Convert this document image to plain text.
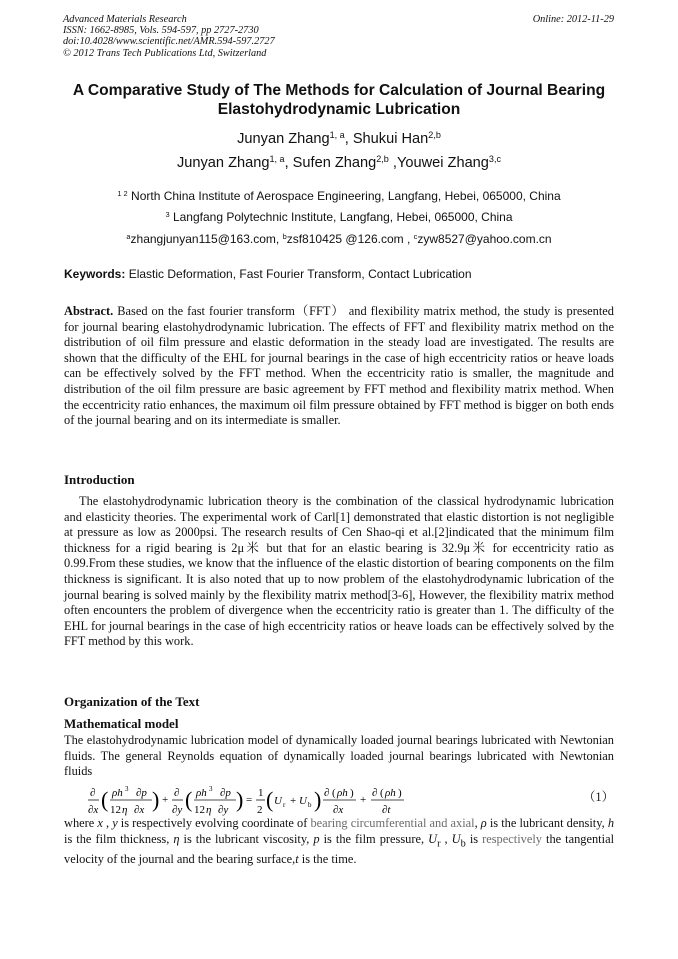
Advanced Materials Research
ISSN: 1662-8985, Vols. 594-597, pp 2727-2730
doi:10.4028/www.scientific.net/AMR.594-597.2727
© 2012 Trans Tech Publications Ltd, Switzerland
Online: 2012-11-29
A Comparative Study of The Methods for Calculation of Journal Bearing
Elastohydrodynamic Lubrication
Junyan Zhang$^{1, a}$, Shukui Han$^{2,b}$
Junyan Zhang$^{1, a}$, Sufen Zhang$^{2,b}$ ,Youwei Zhang$^{3,c}$
$^{1 2}$ North China Institute of Aerospace Engineering, Langfang, Hebei, 065000, China
$^3$ Langfang Polytechnic Institute, Langfang, Hebei, 065000, China
$^a$zhangjunyan115@163.com, $^b$zsf810425 @126.com , $^c$zyw8527@yahoo.com.cn
Keywords: Elastic Deformation, Fast Fourier Transform, Contact Lubrication
Abstract. Based on the fast fourier transform（FFT） and flexibility matrix method, the study is presented for journal bearing elastohydrodynamic lubrication. The effects of FFT and flexibility matrix method on the distribution of oil film pressure and elastic deformation in the steady load are investigated. The results are shown that the difficulty of the EHL for journal bearings in the case of high eccentricity ratios or heave loads can be effectively solved by the FFT method. When the eccentricity ratio is smaller, the magnitude and distribution of the oil film pressure are basic agreement by FFT method and flexibility matrix method. When the eccentricity ratio enhances, the maximum oil film pressure obtained by FFT method is bigger on both ends of the journal bearing and on its intermediate is smaller.
Introduction
The elastohydrodynamic lubrication theory is the combination of the classical hydrodynamic lubrication and elasticity theories. The experimental work of Carl[1] demonstrated that elastic distortion is not negligible at pressure as low as 2000psi. The research results of Cen Shao-qi et al.[2]indicated that the minimum film thickness for a rigid bearing is 2μ米 but that for an elastic bearing is 32.9μ米 for eccentricity ratio as 0.99.From these studies, we know that the influence of the elastic distortion of bearing components on the film thickness is significant. It is also noted that up to now problem of the elastohydrodynamic lubrication of the journal bearing is solved mainly by the flexibility matrix method[3-6], However, the flexibility matrix method often encounters the problem of divergence when the eccentricity ratio is greater than 1. The difficulty of the EHL for journal bearings in the case of high eccentricity ratios or heave loads can be effectively solved by the FFT method by this work.
Organization of the Text
Mathematical model
The elastohydrodynamic lubrication model of dynamically loaded journal bearings lubricated with Newtonian fluids. The general Reynolds equation of dynamically loaded journal bearings lubricated with Newtonian fluids
∂
∂x ( ρh 3 ∂p
12 η ∂x ) +
∂
∂y ( ρh 3 ∂p
12 η ∂y ) =
1
2 ( U r + U b ) ∂ ( ρh )
∂x
+
∂ ( ρh )
∂t
（1）
where x , y is respectively evolving coordinate of bearing circumferential and axial, ρ is the lubricant density, h is the film thickness, η is the lubricant viscosity, p is the film pressure, $U_r$ , $U_b$ is respectively the tangential velocity of the journal and the bearing surface,t is the time.
